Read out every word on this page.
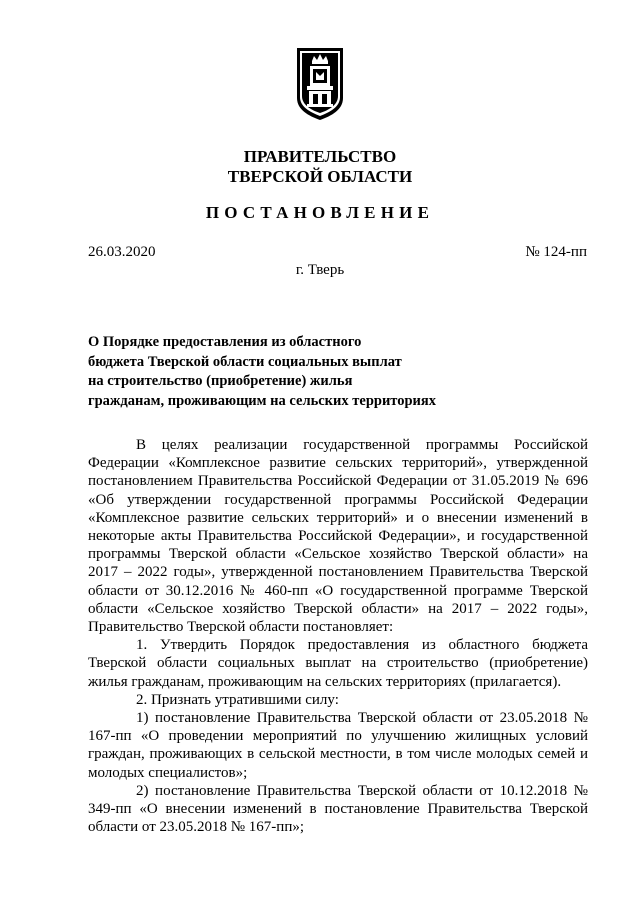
ПРАВИТЕЛЬСТВО
ТВЕРСКОЙ ОБЛАСТИ
ПОСТАНОВЛЕНИЕ
26.03.2020	№ 124-пп
г. Тверь
О Порядке предоставления из областного
бюджета Тверской области социальных выплат
на строительство (приобретение) жилья
гражданам, проживающим на сельских территориях

В целях реализации государственной программы Российской Федерации «Комплексное развитие сельских территорий», утвержденной постановлением Правительства Российской Федерации от 31.05.2019 № 696 «Об утверждении государственной программы Российской Федерации «Комплексное развитие сельских территорий» и о внесении изменений в некоторые акты Правительства Российской Федерации», и государственной программы Тверской области «Сельское хозяйство Тверской области» на 2017 – 2022 годы», утвержденной постановлением Правительства Тверской области от 30.12.2016 № 460-пп «О государственной программе Тверской области «Сельское хозяйство Тверской области» на 2017 – 2022 годы», Правительство Тверской области постановляет:

1. Утвердить Порядок предоставления из областного бюджета Тверской области социальных выплат на строительство (приобретение) жилья гражданам, проживающим на сельских территориях (прилагается).

2. Признать утратившими силу:

1) постановление Правительства Тверской области от 23.05.2018 № 167-пп «О проведении мероприятий по улучшению жилищных условий граждан, проживающих в сельской местности, в том числе молодых семей и молодых специалистов»;

2) постановление Правительства Тверской области от 10.12.2018 № 349-пп «О внесении изменений в постановление Правительства Тверской области от 23.05.2018 № 167-пп»;
